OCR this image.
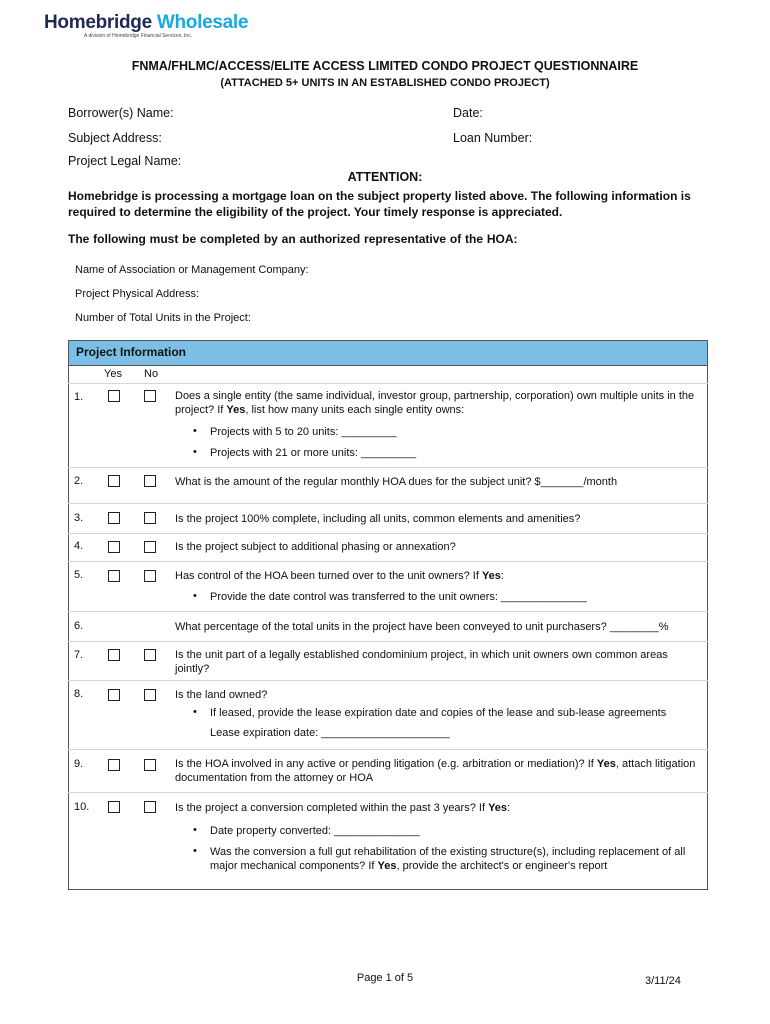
Homebridge Wholesale
A division of Homebridge Financial Services, Inc.
FNMA/FHLMC/ACCESS/ELITE ACCESS LIMITED CONDO PROJECT QUESTIONNAIRE
(ATTACHED 5+ UNITS IN AN ESTABLISHED CONDO PROJECT)
Borrower(s) Name:	Date:
Subject Address:	Loan Number:
Project Legal Name:
ATTENTION:
Homebridge is processing a mortgage loan on the subject property listed above. The following information is required to determine the eligibility of the project. Your timely response is appreciated.
The following must be completed by an authorized representative of the HOA:
Name of Association or Management Company:
Project Physical Address:
Number of Total Units in the Project:
Project Information
Yes No
1.	Does a single entity (the same individual, investor group, partnership, corporation) own multiple units in the project? If Yes, list how many units each single entity owns:
• Projects with 5 to 20 units: _________
• Projects with 21 or more units: _________
2.	What is the amount of the regular monthly HOA dues for the subject unit? $_______/month
3.	Is the project 100% complete, including all units, common elements and amenities?
4.	Is the project subject to additional phasing or annexation?
5.	Has control of the HOA been turned over to the unit owners? If Yes:
• Provide the date control was transferred to the unit owners: ______________
6.	What percentage of the total units in the project have been conveyed to unit purchasers? ________%
7.	Is the unit part of a legally established condominium project, in which unit owners own common areas jointly?
8.	Is the land owned?
• If leased, provide the lease expiration date and copies of the lease and sub-lease agreements
Lease expiration date: _____________________
9.	Is the HOA involved in any active or pending litigation (e.g. arbitration or mediation)? If Yes, attach litigation documentation from the attorney or HOA
10.	Is the project a conversion completed within the past 3 years? If Yes:
• Date property converted: ______________
• Was the conversion a full gut rehabilitation of the existing structure(s), including replacement of all major mechanical components? If Yes, provide the architect's or engineer's report
Page 1 of 5	3/11/24
